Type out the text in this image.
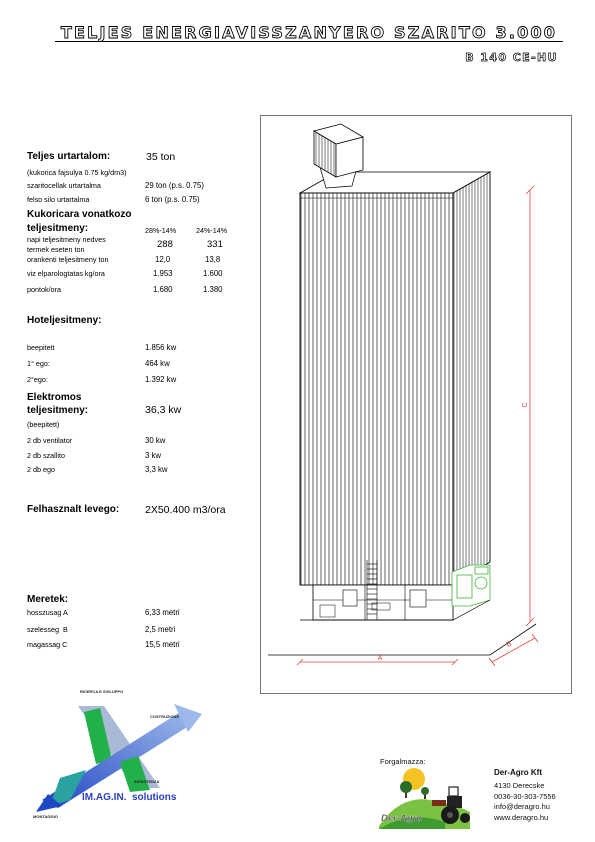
C
A
B
RICERCA E SVILUPPO
COSTRUZIONE
ASSISTENZA
MONTAGGIO	Der-Agro
TELJES ENERGIAVISSZANYERO SZARITO 3.000
B 140 CE-HU
Teljes urtartalom:	35 ton
(kukorica fajsulya 0.75 kg/dm3)
szaritocellak urtartalma	29 ton (p.s. 0.75)
felso silo urtartalma	6 ton (p.s. 0.75)
Kukoricara vonatkozo
teljesitmeny:	28%-14%	24%-14%
napi teljesitmeny nedves
termek eseten ton	288	331
orankenti teljesitmeny ton	12,0	13,8
viz elparologtatas kg/ora	1.953	1.600
pontok/ora	1.680	1.380
Hoteljesitmeny:
beepitett	1.856 kw
1° ego:	464 kw
2°ego:	1.392 kw
Elektromos
teljesitmeny:	36,3 kw
(beepitett)
2 db ventilator	30 kw
2 db szallito	3 kw
2 db ego	3,3 kw
Felhasznalt levego: 2X50.400 m3/ora
Meretek:
hosszusag A	6,33 metri
szelesseg  B	2,5 metri
magassag C	15,5 metri
IM.AG.IN.  solutions
Forgalmazza:
Der-Agro Kft
4130 Derecske
0036-30-303-7556
info@deragro.hu
www.deragro.hu
